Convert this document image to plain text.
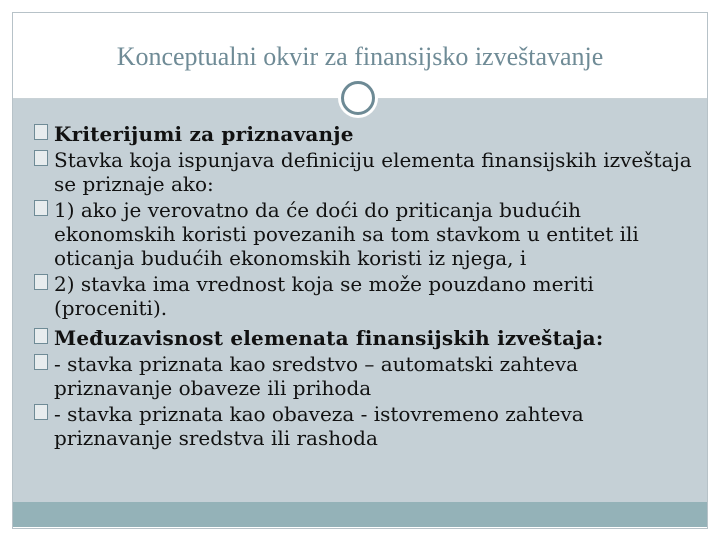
Konceptualni okvir za finansijsko izveštavanje
Kriterijumi za priznavanje
Stavka koja ispunjava definiciju elementa finansijskih izveštaja se priznaje ako:
1) ako je verovatno da će doći do priticanja budućih ekonomskih koristi povezanih sa tom stavkom u entitet ili oticanja budućih ekonomskih koristi iz njega, i
2) stavka ima vrednost koja se može pouzdano meriti (proceniti).
Međuzavisnost elemenata finansijskih izveštaja:
- stavka priznata kao sredstvo – automatski zahteva priznavanje obaveze ili prihoda
- stavka priznata kao obaveza - istovremeno zahteva priznavanje sredstva ili rashoda
